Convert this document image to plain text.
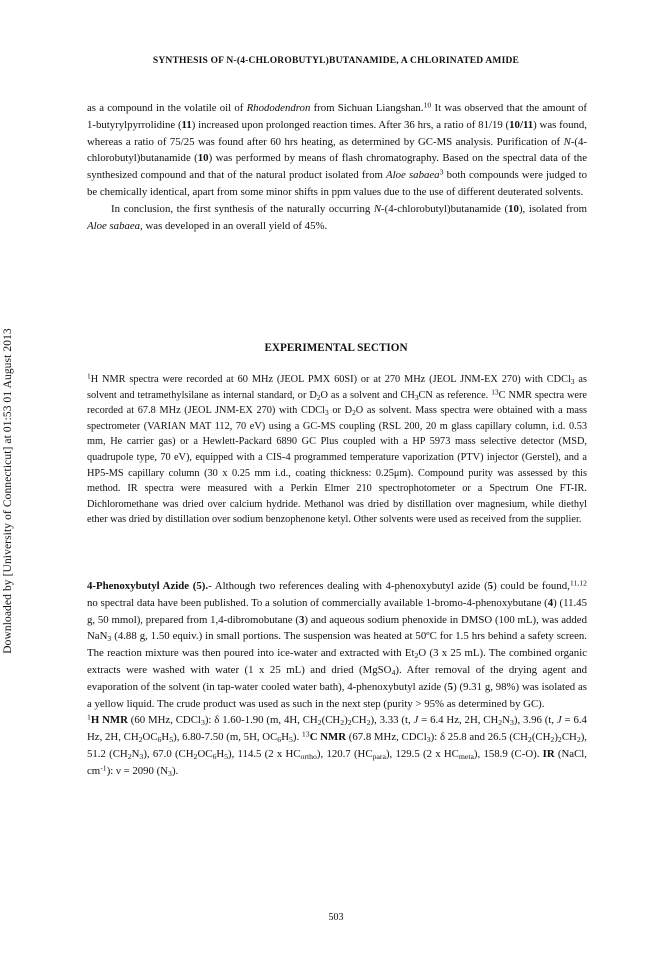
Downloaded by [University of Connecticut] at 01:53 01 August 2013
SYNTHESIS OF N-(4-CHLOROBUTYL)BUTANAMIDE, A CHLORINATED AMIDE

as a compound in the volatile oil of Rhododendron from Sichuan Liangshan.$^{10}$ It was observed that the amount of 1-butyrylpyrrolidine (11) increased upon prolonged reaction times. After 36 hrs, a ratio of 81/19 (10/11) was found, whereas a ratio of 75/25 was found after 60 hrs heating, as determined by GC-MS analysis. Purification of N-(4-chlorobutyl)butanamide (10) was performed by means of flash chromatography. Based on the spectral data of the synthesized compound and that of the natural product isolated from Aloe sabaea$^3$ both compounds were judged to be chemically identical, apart from some minor shifts in ppm values due to the use of different deuterated solvents.

In conclusion, the first synthesis of the naturally occurring N-(4-chlorobutyl)butanamide (10), isolated from Aloe sabaea, was developed in an overall yield of 45%.

EXPERIMENTAL SECTION

$^1$H NMR spectra were recorded at 60 MHz (JEOL PMX 60SI) or at 270 MHz (JEOL JNM-EX 270) with CDCl$_3$ as solvent and tetramethylsilane as internal standard, or $D_2O$ as a solvent and $CH_3CN$ as reference. $^{13}$C NMR spectra were recorded at 67.8 MHz (JEOL JNM-EX 270) with CDCl$_3$ or $D_2O$ as solvent. Mass spectra were obtained with a mass spectrometer (VARIAN MAT 112, 70 eV) using a GC-MS coupling (RSL 200, 20 m glass capillary column, i.d. 0.53 mm, He carrier gas) or a Hewlett-Packard 6890 GC Plus coupled with a HP 5973 mass selective detector (MSD, quadrupole type, 70 eV), equipped with a CIS-4 programmed temperature vaporization (PTV) injector (Gerstel), and a HP5-MS capillary column (30 x 0.25 mm i.d., coating thickness: 0.25μm). Compound purity was assessed by this method. IR spectra were measured with a Perkin Elmer 210 spectrophotometer or a Spectrum One FT-IR. Dichloromethane was dried over calcium hydride. Methanol was dried by distillation over magnesium, while diethyl ether was dried by distillation over sodium benzophenone ketyl. Other solvents were used as received from the supplier.

4-Phenoxybutyl Azide (5).- Although two references dealing with 4-phenoxybutyl azide (5) could be found,$^{11,12}$ no spectral data have been published. To a solution of commercially available 1-bromo-4-phenoxybutane (4) (11.45 g, 50 mmol), prepared from 1,4-dibromobutane (3) and aqueous sodium phenoxide in DMSO (100 mL), was added NaN$_3$ (4.88 g, 1.50 equiv.) in small portions. The suspension was heated at 50ºC for 1.5 hrs behind a safety screen. The reaction mixture was then poured into ice-water and extracted with $Et_2O$ (3 x 25 mL). The combined organic extracts were washed with water (1 x 25 mL) and dried (MgSO$_4$). After removal of the drying agent and evaporation of the solvent (in tap-water cooled water bath), 4-phenoxybutyl azide (5) (9.31 g, 98%) was isolated as a yellow liquid. The crude product was used as such in the next step (purity > 95% as determined by GC).

$^1$H NMR (60 MHz, CDCl$_3$): δ 1.60-1.90 (m, 4H, $CH_2(CH_2)_2CH_2$), 3.33 (t, J = 6.4 Hz, 2H, $CH_2N_3$), 3.96 (t, J = 6.4 Hz, 2H, $CH_2OC_6H_5$), 6.80-7.50 (m, 5H, $OC_6H_5$). $^{13}$C NMR (67.8 MHz, CDCl$_3$): δ 25.8 and 26.5 $(CH_2(CH_2)_2CH_2)$, 51.2 $(CH_2N_3)$, 67.0 $(CH_2OC_6H_5)$, 114.5 (2 x $HC_{ortho}$), 120.7 $(HC_{para})$, 129.5 (2 x $HC_{meta}$), 158.9 (C-O). IR (NaCl, $cm^{-1}$): ν = 2090 $(N_3)$.

503
